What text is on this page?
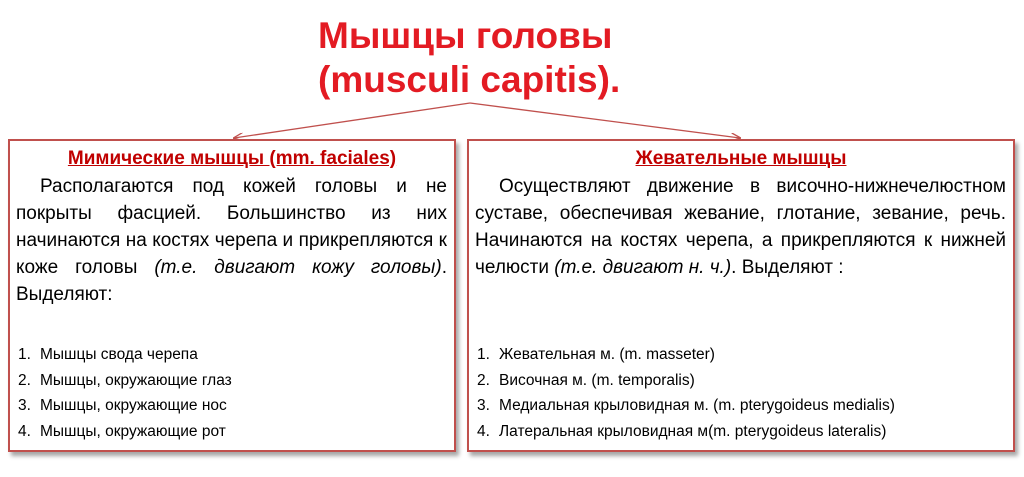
Мышцы головы
(musculi capitis).
Мимические мышцы (mm. faciales)
Располагаются под кожей головы и не покрыты фасцией. Большинство из них начинаются на костях черепа и прикрепляются к коже головы (т.е. двигают кожу головы). Выделяют:
1. Мышцы свода черепа
2. Мышцы, окружающие глаз
3. Мышцы, окружающие нос
4. Мышцы, окружающие рот
Жевательные мышцы
Осуществляют движение в височно-нижнечелюстном суставе, обеспечивая жевание, глотание, зевание, речь. Начинаются на костях черепа, а прикрепляются к нижней челюсти (т.е. двигают н. ч.). Выделяют :
1. Жевательная м. (m. masseter)
2. Височная м. (m. temporalis)
3. Медиальная крыловидная м. (m. pterygoideus medialis)
4. Латеральная крыловидная м(m. pterygoideus lateralis)
